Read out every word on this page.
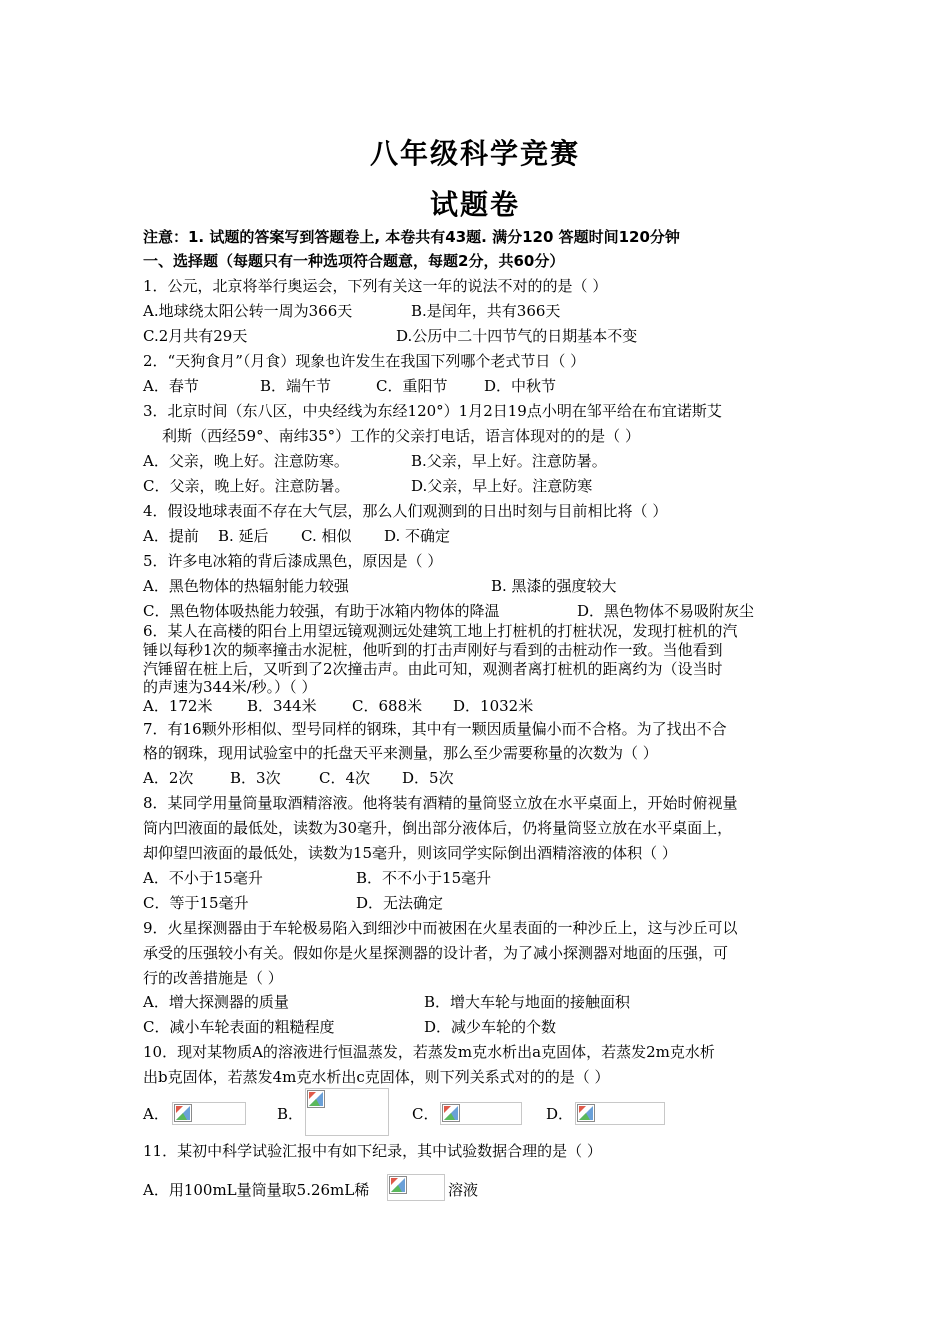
八年级科学竞赛
试题卷
注意：1. 试题的答案写到答题卷上, 本卷共有43题. 满分120 答题时间120分钟
一、选择题（每题只有一种选项符合题意，每题2分，共60分）
1．公元，北京将举行奥运会，下列有关这一年的说法不对的的是（ ）
A.地球绕太阳公转一周为366天	B.是闰年，共有366天
C.2月共有29天	D.公历中二十四节气的日期基本不变
2．“天狗食月”（月食）现象也许发生在我国下列哪个老式节日（ ）
A．春节	B．端午节	C．重阳节 D．中秋节
3．北京时间（东八区，中央经线为东经120°）1月2日19点小明在邹平给在布宜诺斯艾
利斯（西经59°、南纬35°）工作的父亲打电话，语言体现对的的是（ ）
A．父亲，晚上好。注意防寒。	B.父亲，早上好。注意防暑。
C．父亲，晚上好。注意防暑。	D.父亲，早上好。注意防寒
4．假设地球表面不存在大气层，那么人们观测到的日出时刻与目前相比将（ ）
A．提前 B. 延后 C. 相似 D. 不确定
5．许多电冰箱的背后漆成黑色，原因是（ ）
A．黑色物体的热辐射能力较强	B. 黑漆的强度较大
C．黑色物体吸热能力较强，有助于冰箱内物体的降温	D．黑色物体不易吸附灰尘
6．某人在高楼的阳台上用望远镜观测远处建筑工地上打桩机的打桩状况，发现打桩机的汽
锤以每秒1次的频率撞击水泥桩，他听到的打击声刚好与看到的击桩动作一致。当他看到
汽锤留在桩上后，又听到了2次撞击声。由此可知，观测者离打桩机的距离约为（设当时
的声速为344米/秒。）（ ）
A．172米 B．344米 C．688米 D．1032米
7．有16颗外形相似、型号同样的钢珠，其中有一颗因质量偏小而不合格。为了找出不合
格的钢珠，现用试验室中的托盘天平来测量，那么至少需要称量的次数为（ ）
A．2次 B．3次	C．4次 D．5次
8．某同学用量筒量取酒精溶液。他将装有酒精的量筒竖立放在水平桌面上，开始时俯视量
筒内凹液面的最低处，读数为30毫升，倒出部分液体后，仍将量筒竖立放在水平桌面上，
却仰望凹液面的最低处，读数为15毫升，则该同学实际倒出酒精溶液的体积（ ）
A．不小于15毫升	B．不不小于15毫升
C．等于15毫升	D．无法确定
9．火星探测器由于车轮极易陷入到细沙中而被困在火星表面的一种沙丘上，这与沙丘可以
承受的压强较小有关。假如你是火星探测器的设计者，为了减小探测器对地面的压强，可
行的改善措施是（ ）
A．增大探测器的质量	B．增大车轮与地面的接触面积
C．减小车轮表面的粗糙程度	D．减少车轮的个数
10．现对某物质A的溶液进行恒温蒸发，若蒸发m克水析出a克固体，若蒸发2m克水析
出b克固体，若蒸发4m克水析出c克固体，则下列关系式对的的是（ ）
A．	B．	C．	D．
11．某初中科学试验汇报中有如下纪录，其中试验数据合理的是（ ）
A．用100mL量筒量取5.26mL稀	溶液
